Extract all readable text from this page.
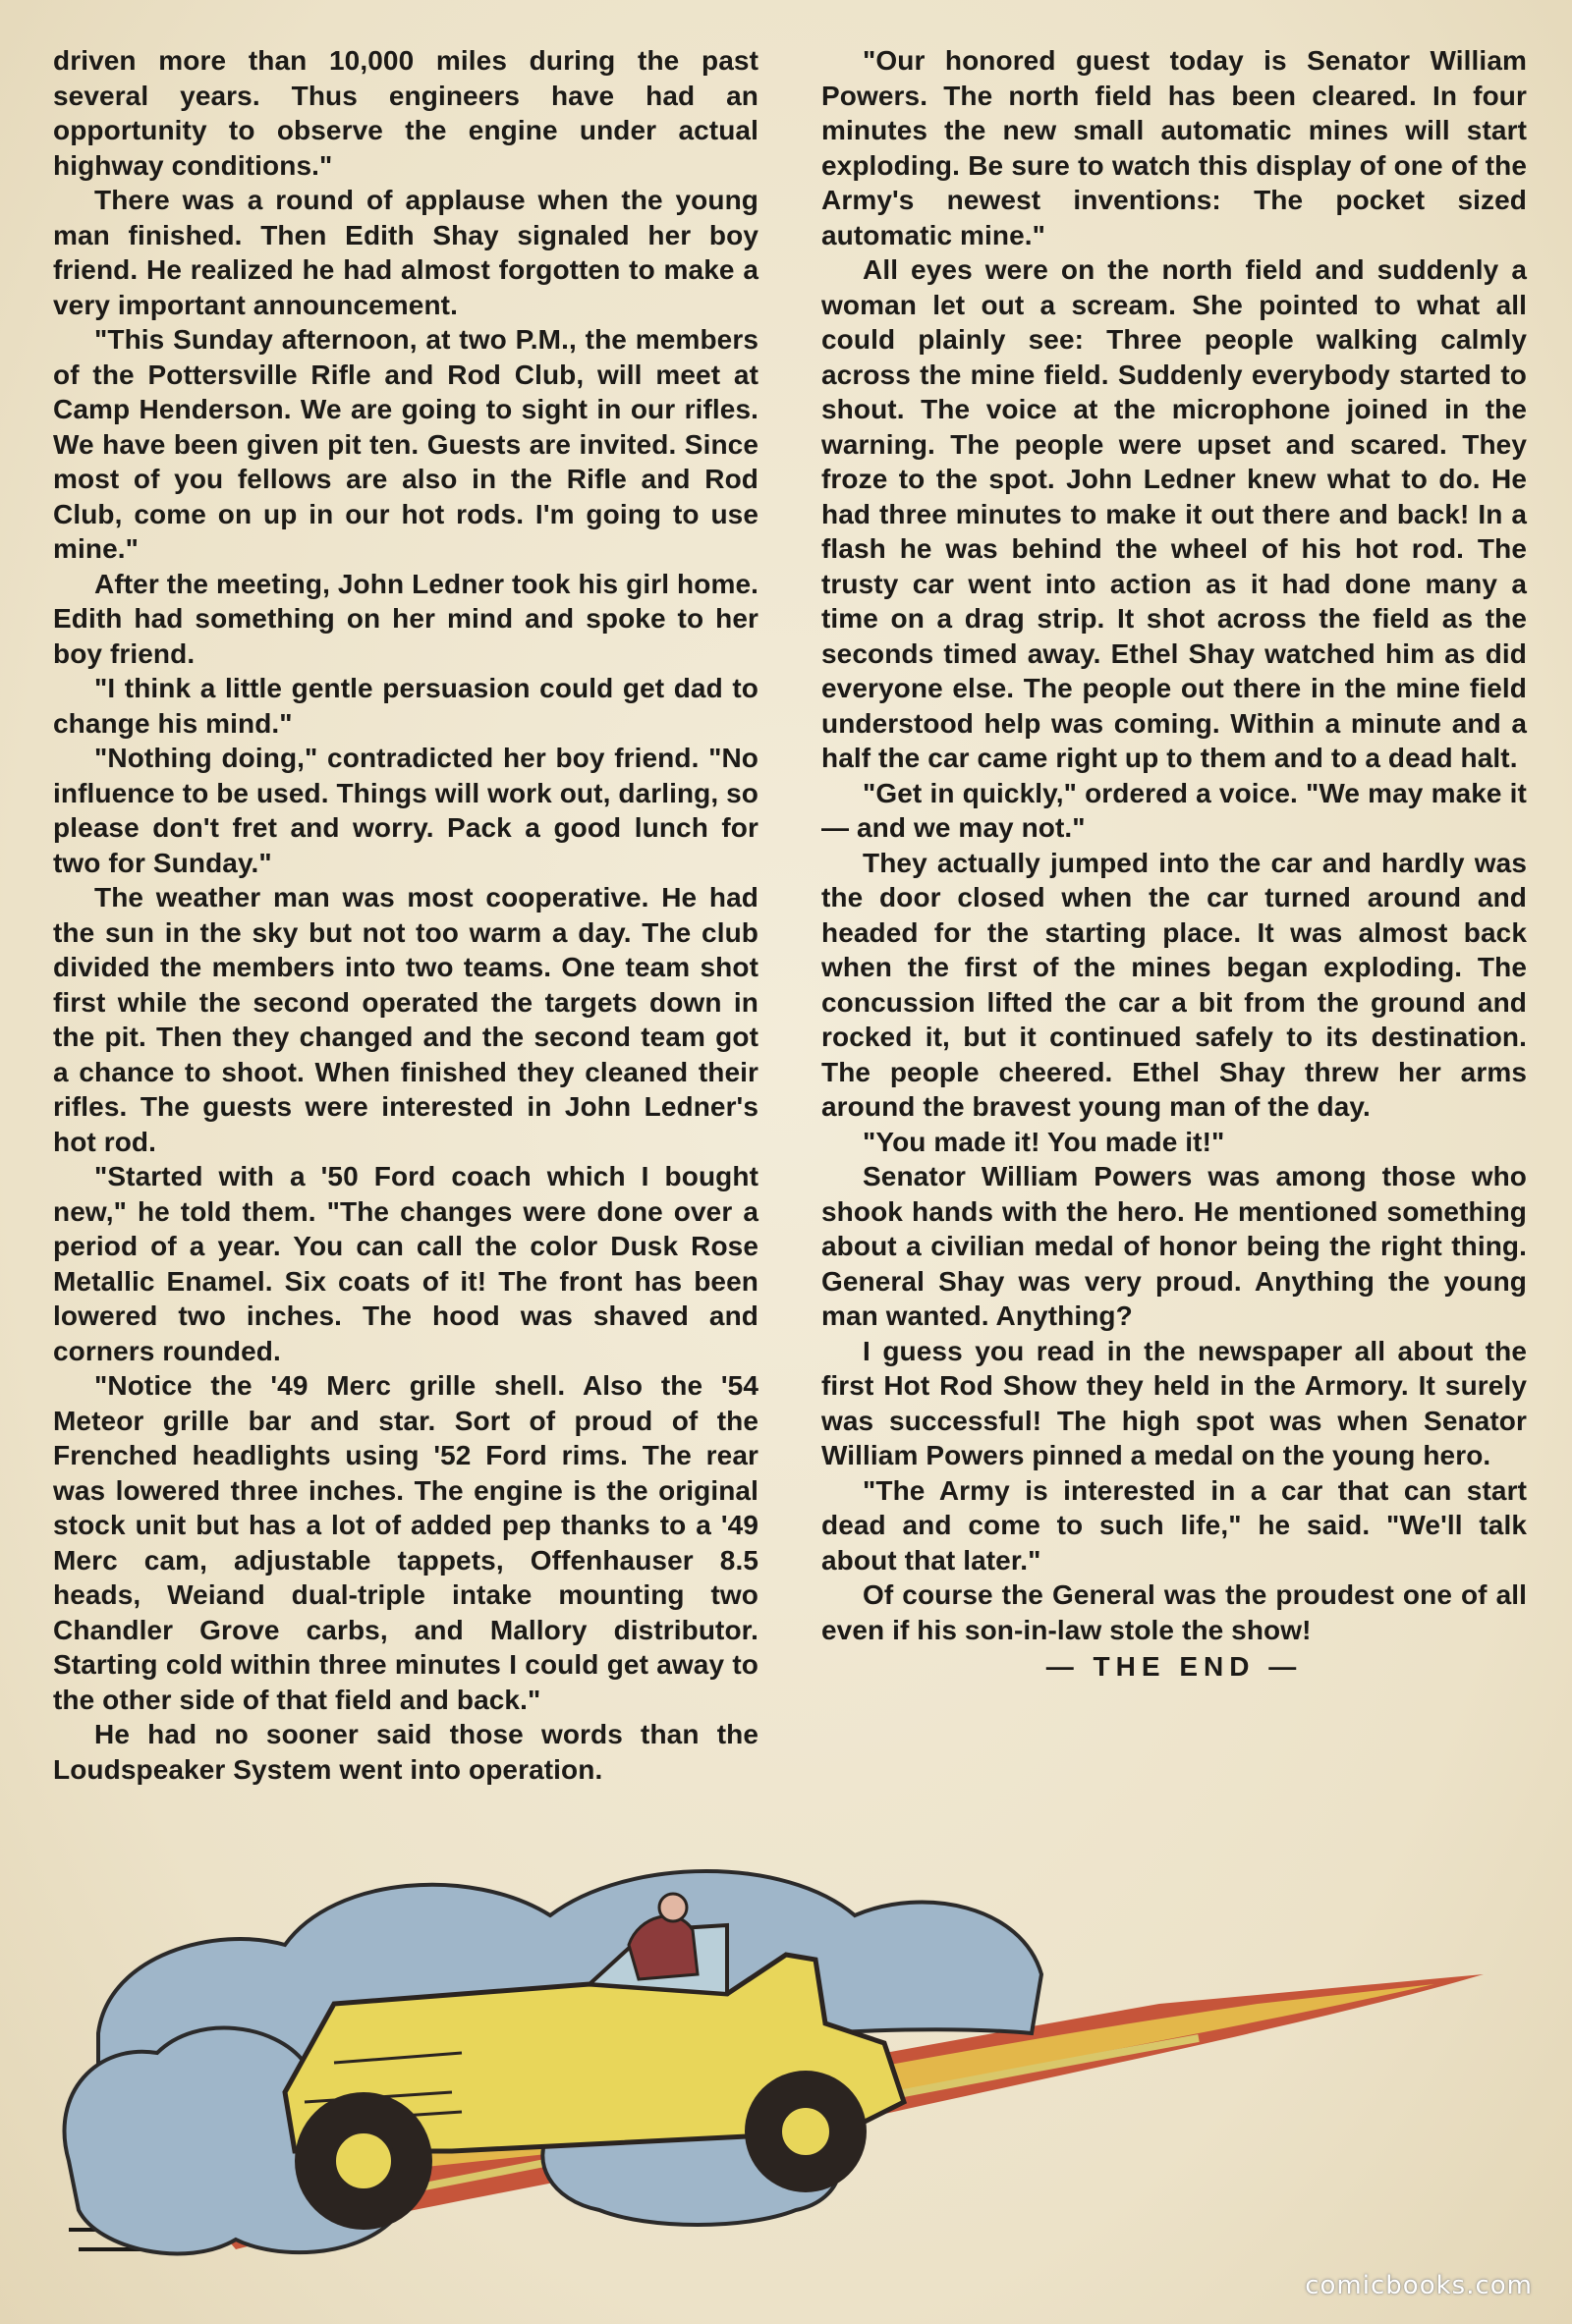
driven more than 10,000 miles during the past several years. Thus engineers have had an opportunity to observe the engine under actual highway conditions."

There was a round of applause when the young man finished. Then Edith Shay signaled her boy friend. He realized he had almost forgotten to make a very important announcement.

"This Sunday afternoon, at two P.M., the members of the Pottersville Rifle and Rod Club, will meet at Camp Henderson. We are going to sight in our rifles. We have been given pit ten. Guests are invited. Since most of you fellows are also in the Rifle and Rod Club, come on up in our hot rods. I'm going to use mine."

After the meeting, John Ledner took his girl home. Edith had something on her mind and spoke to her boy friend.

"I think a little gentle persuasion could get dad to change his mind."

"Nothing doing," contradicted her boy friend. "No influence to be used. Things will work out, darling, so please don't fret and worry. Pack a good lunch for two for Sunday."

The weather man was most cooperative. He had the sun in the sky but not too warm a day. The club divided the members into two teams. One team shot first while the second operated the targets down in the pit. Then they changed and the second team got a chance to shoot. When finished they cleaned their rifles. The guests were interested in John Ledner's hot rod.

"Started with a '50 Ford coach which I bought new," he told them. "The changes were done over a period of a year. You can call the color Dusk Rose Metallic Enamel. Six coats of it! The front has been lowered two inches. The hood was shaved and corners rounded.

"Notice the '49 Merc grille shell. Also the '54 Meteor grille bar and star. Sort of proud of the Frenched headlights using '52 Ford rims. The rear was lowered three inches. The engine is the original stock unit but has a lot of added pep thanks to a '49 Merc cam, adjustable tappets, Offenhauser 8.5 heads, Weiand dual-triple intake mounting two Chandler Grove carbs, and Mallory distributor. Starting cold within three minutes I could get away to the other side of that field and back."

He had no sooner said those words than the Loudspeaker System went into operation.

"Our honored guest today is Senator William Powers. The north field has been cleared. In four minutes the new small automatic mines will start exploding. Be sure to watch this display of one of the Army's newest inventions: The pocket sized automatic mine."

All eyes were on the north field and suddenly a woman let out a scream. She pointed to what all could plainly see: Three people walking calmly across the mine field. Suddenly everybody started to shout. The voice at the microphone joined in the warning. The people were upset and scared. They froze to the spot. John Ledner knew what to do. He had three minutes to make it out there and back! In a flash he was behind the wheel of his hot rod. The trusty car went into action as it had done many a time on a drag strip. It shot across the field as the seconds timed away. Ethel Shay watched him as did everyone else. The people out there in the mine field understood help was coming. Within a minute and a half the car came right up to them and to a dead halt.

"Get in quickly," ordered a voice. "We may make it — and we may not."

They actually jumped into the car and hardly was the door closed when the car turned around and headed for the starting place. It was almost back when the first of the mines began exploding. The concussion lifted the car a bit from the ground and rocked it, but it continued safely to its destination. The people cheered. Ethel Shay threw her arms around the bravest young man of the day.

"You made it! You made it!"

Senator William Powers was among those who shook hands with the hero. He mentioned something about a civilian medal of honor being the right thing. General Shay was very proud. Anything the young man wanted. Anything?

I guess you read in the newspaper all about the first Hot Rod Show they held in the Armory. It surely was successful! The high spot was when Senator William Powers pinned a medal on the young hero.

"The Army is interested in a car that can start dead and come to such life," he said. "We'll talk about that later."

Of course the General was the proudest one of all even if his son-in-law stole the show!

— THE END —

comicbooks.com
